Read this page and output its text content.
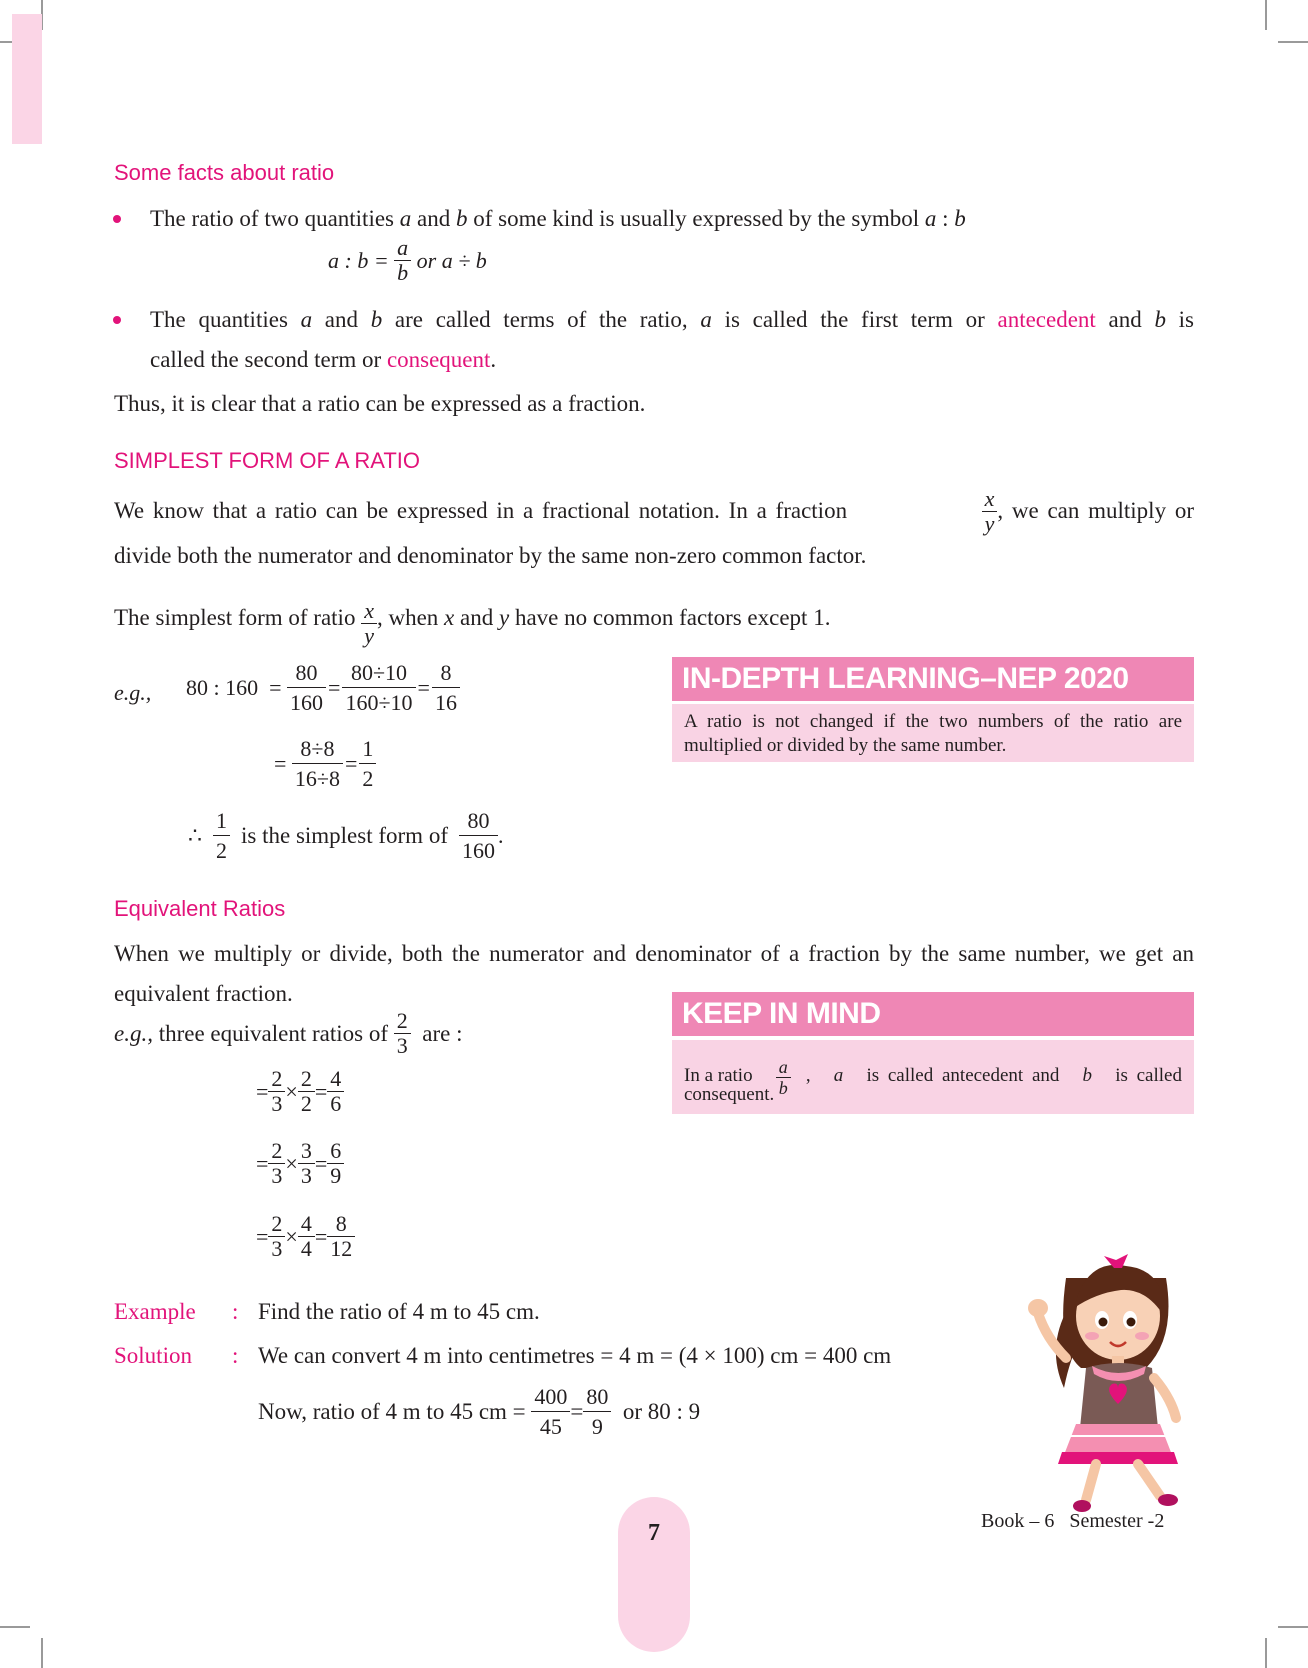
Some facts about ratio
The ratio of two quantities a and b of some kind is usually expressed by the symbol a : b
a : b =
$\frac{a}{b}$
or a ÷ b
The quantities a and b are called terms of the ratio, a is called the first term or antecedent and b is
called the second term or consequent.
Thus, it is clear that a ratio can be expressed as a fraction.
SIMPLEST FORM OF A RATIO
We know that a ratio can be expressed in a fractional notation. In a fraction	$\frac{x}{y}$ , we can multiply or
divide both the numerator and denominator by the same non-zero common factor.
The simplest form of ratio
$\frac{x}{y}$ , when
x
and
y
have no common factors except 1.
e.g., 80 : 160
=
$\frac{80}{160} = \frac{80\div 10}{160\div 10} = \frac{8}{16}$
=
$\frac{8\div 8}{16\div 8} = \frac{1}{2}$
∴
$\frac{1}{2}$
is the simplest form of
$\frac{80}{160}$ .
IN-DEPTH LEARNING–NEP 2020
A ratio is not changed if the two numbers of the ratio are multiplied or divided by the same number.
Equivalent Ratios
When we multiply or divide, both the numerator and denominator of a fraction by the same number, we get an equivalent fraction.
e.g.,
three equivalent ratios of
$\frac{2}{3}$
are :
= $\frac{2}{3} \times \frac{2}{2} = \frac{4}{6}$
= $\frac{2}{3} \times \frac{3}{3} = \frac{6}{9}$
= $\frac{2}{3} \times \frac{4}{4} = \frac{8}{12}$
KEEP IN MIND
In a ratio $\frac{a}{b}$ , a is called antecedent and b is called
consequent.
Example : Find the ratio of 4 m to 45 cm.
Solution : We can convert 4 m into centimetres = 4 m = (4 × 100) cm = 400 cm
Now, ratio of 4 m to 45 cm =
$\frac{400}{45} = \frac{80}{9}$
or 80 : 9
7	Book – 6 Semester -2
